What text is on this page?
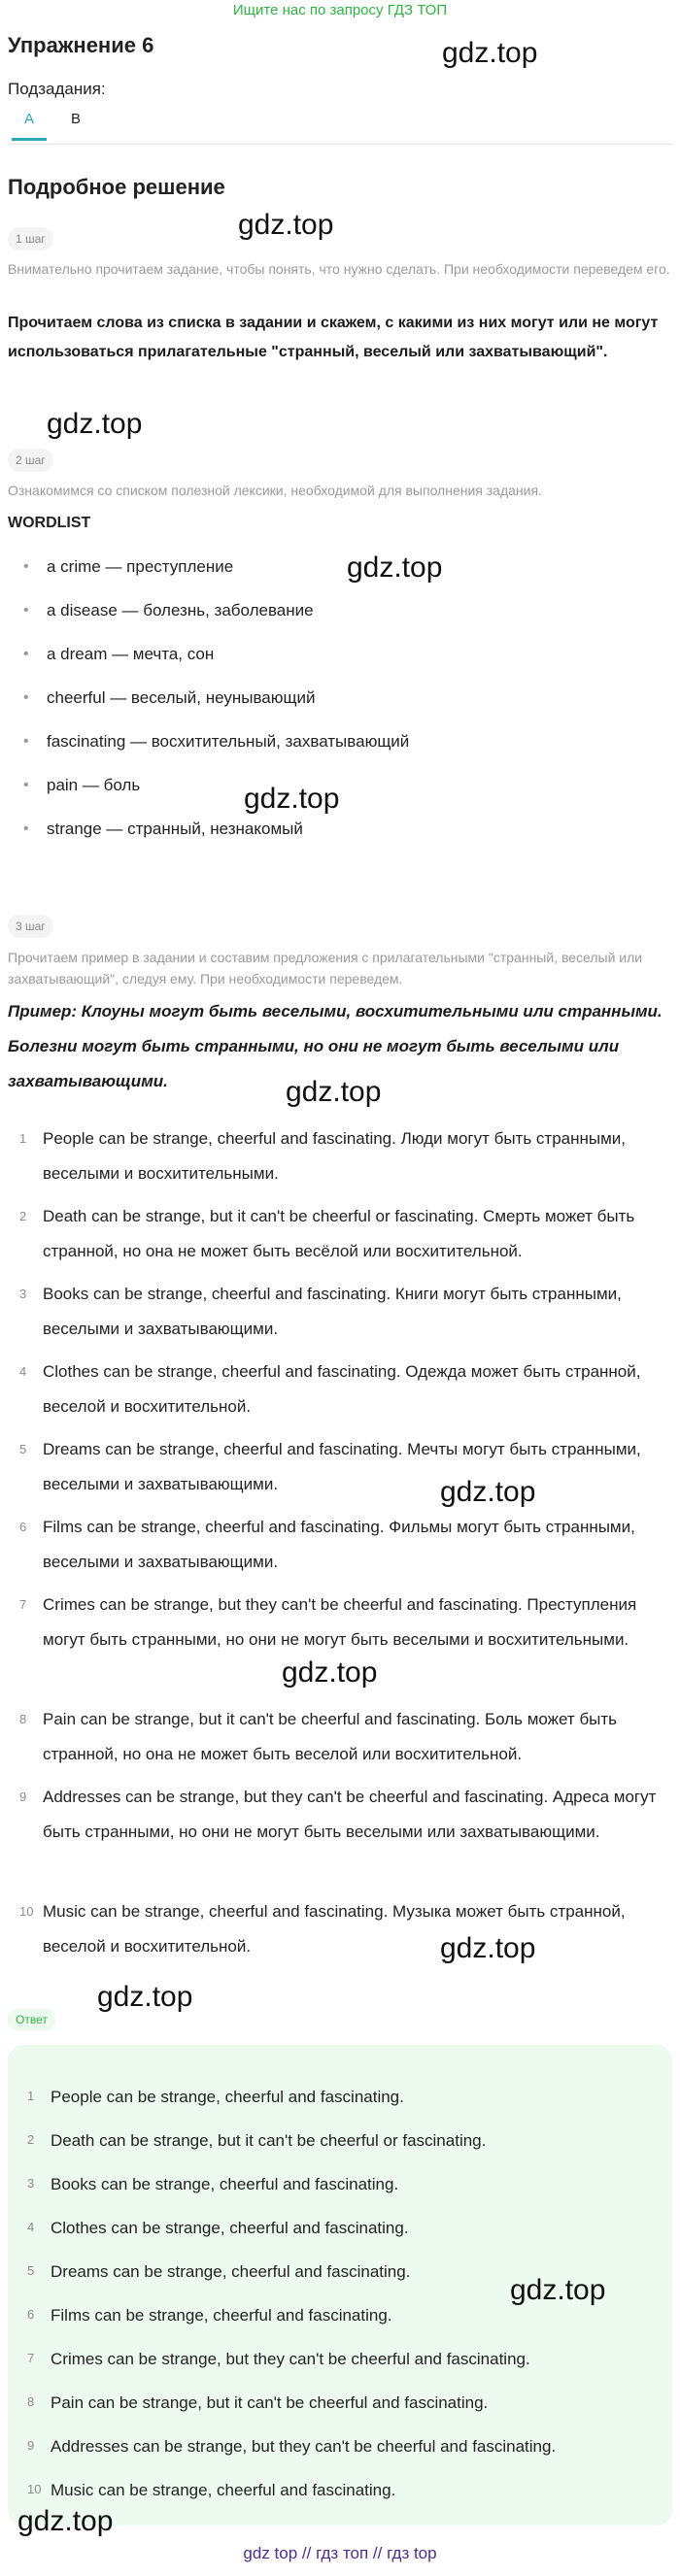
Ищите нас по запросу ГДЗ ТОП
Упражнение 6	gdz.top
Подзадания:
A	B
Подробное решение
1 шаг	gdz.top
Внимательно прочитаем задание, чтобы понять, что нужно сделать. При необходимости переведем его.
Прочитаем слова из списка в задании и скажем, с какими из них могут или не могут использоваться прилагательные "странный, веселый или захватывающий".
gdz.top
2 шаг
Ознакомимся со списком полезной лексики, необходимой для выполнения задания.
WORDLIST
• a crime — преступление
• a disease — болезнь, заболевание
• a dream — мечта, сон
• cheerful — веселый, неунывающий
• fascinating — восхитительный, захватывающий
• pain — боль
• strange — странный, незнакомый
gdz.top
gdz.top
3 шаг
Прочитаем пример в задании и составим предложения с прилагательными "странный, веселый или захватывающий", следуя ему. При необходимости переведем.
Пример: Клоуны могут быть веселыми, восхитительными или странными. Болезни могут быть странными, но они не могут быть веселыми или захватывающими.	gdz.top
1 People can be strange, cheerful and fascinating. Люди могут быть странными, веселыми и восхитительными.
2 Death can be strange, but it can't be cheerful or fascinating. Смерть может быть странной, но она не может быть весёлой или восхитительной.
3 Books can be strange, cheerful and fascinating. Книги могут быть странными, веселыми и захватывающими.
4 Clothes can be strange, cheerful and fascinating. Одежда может быть странной, веселой и восхитительной.
5 Dreams can be strange, cheerful and fascinating. Мечты могут быть странными, веселыми и захватывающими.
6 Films can be strange, cheerful and fascinating. Фильмы могут быть странными, веселыми и захватывающими.
7 Crimes can be strange, but they can't be cheerful and fascinating. Преступления могут быть странными, но они не могут быть веселыми и восхитительными.
8 Pain can be strange, but it can't be cheerful and fascinating. Боль может быть странной, но она не может быть веселой или восхитительной.
9 Addresses can be strange, but they can't be cheerful and fascinating. Адреса могут быть странными, но они не могут быть веселыми или захватывающими.
10 Music can be strange, cheerful and fascinating. Музыка может быть странной, веселой и восхитительной.
gdz.top
gdz.top
gdz.top
gdz.top
Ответ
1 People can be strange, cheerful and fascinating.
2 Death can be strange, but it can't be cheerful or fascinating.
3 Books can be strange, cheerful and fascinating.
4 Clothes can be strange, cheerful and fascinating.
5 Dreams can be strange, cheerful and fascinating.
6 Films can be strange, cheerful and fascinating.
7 Crimes can be strange, but they can't be cheerful and fascinating.
8 Pain can be strange, but it can't be cheerful and fascinating.
9 Addresses can be strange, but they can't be cheerful and fascinating.
10 Music can be strange, cheerful and fascinating.
gdz.top
gdz.top
gdz top // гдз топ // гдз top
